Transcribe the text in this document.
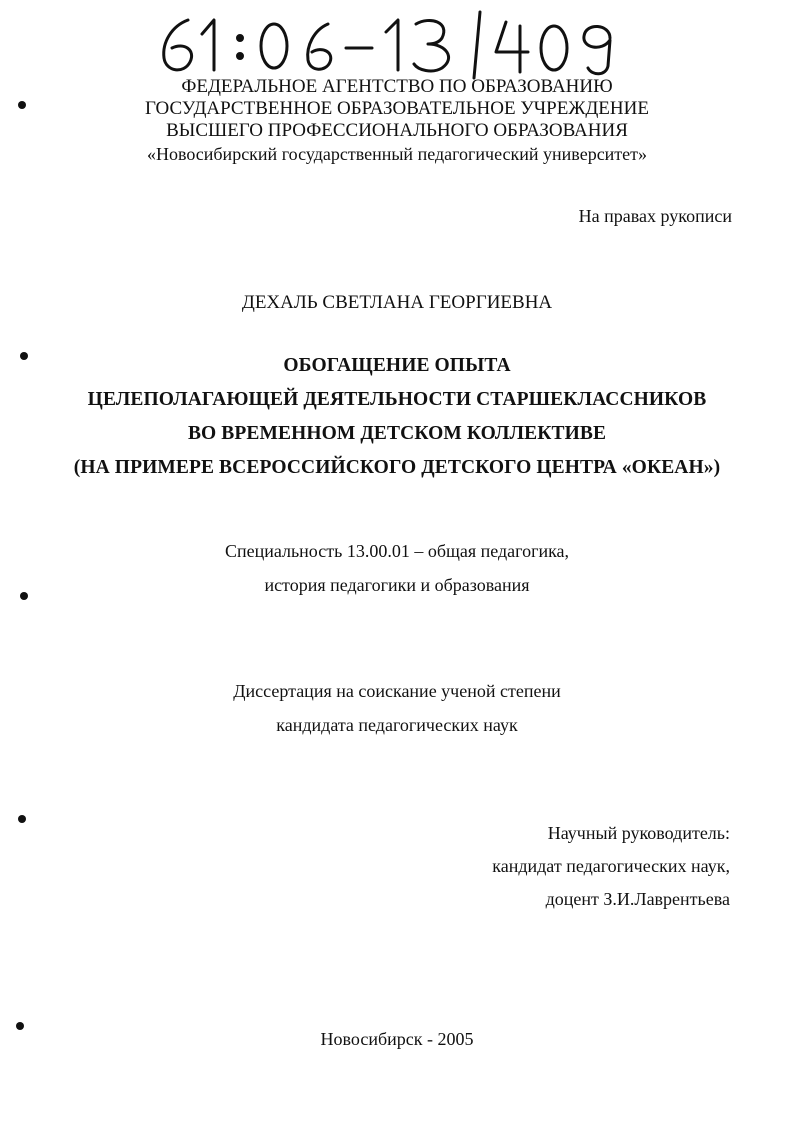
ФЕДЕРАЛЬНОЕ АГЕНТСТВО ПО ОБРАЗОВАНИЮ
ГОСУДАРСТВЕННОЕ ОБРАЗОВАТЕЛЬНОЕ УЧРЕЖДЕНИЕ
ВЫСШЕГО ПРОФЕССИОНАЛЬНОГО ОБРАЗОВАНИЯ
«Новосибирский государственный педагогический университет»
На правах рукописи
ДЕХАЛЬ СВЕТЛАНА ГЕОРГИЕВНА
ОБОГАЩЕНИЕ ОПЫТА
ЦЕЛЕПОЛАГАЮЩЕЙ ДЕЯТЕЛЬНОСТИ СТАРШЕКЛАССНИКОВ
ВО ВРЕМЕННОМ ДЕТСКОМ КОЛЛЕКТИВЕ
(НА ПРИМЕРЕ ВСЕРОССИЙСКОГО ДЕТСКОГО ЦЕНТРА «ОКЕАН»)
Специальность 13.00.01 – общая педагогика,
история педагогики и образования
Диссертация на соискание ученой степени
кандидата педагогических наук
Научный руководитель:
кандидат педагогических наук,
доцент З.И.Лаврентьева
Новосибирск - 2005
